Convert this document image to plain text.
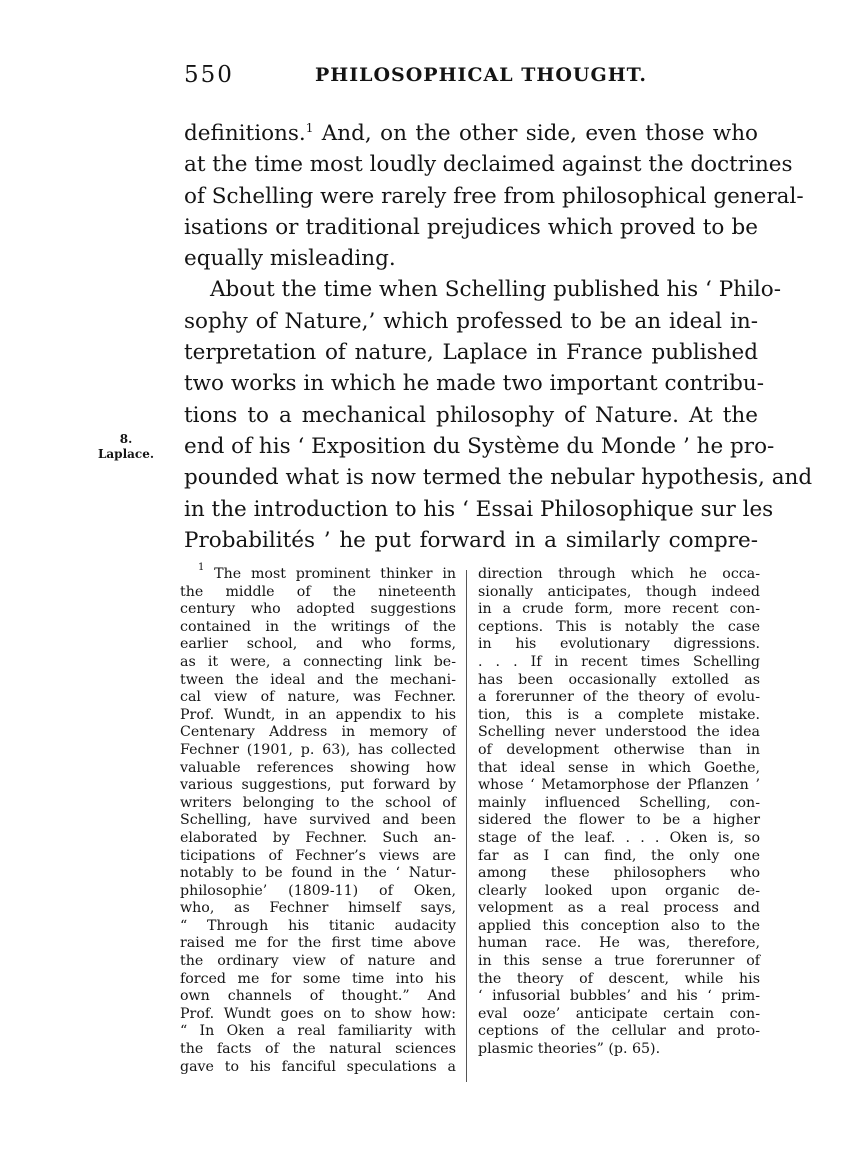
550	PHILOSOPHICAL THOUGHT.

definitions.$^1$ And, on the other side, even those who
at the time most loudly declaimed against the doctrines
of Schelling were rarely free from philosophical general-
isations or traditional prejudices which proved to be
equally misleading.

About the time when Schelling published his ‘ Philo-

sophy of Nature,’ which professed to be an ideal in-
terpretation of nature, Laplace in France published
two works in which he made two important contribu-
tions to a mechanical philosophy of Nature. At the
end of his ‘ Exposition du Système du Monde ’ he pro-
pounded what is now termed the nebular hypothesis, and
in the introduction to his ‘ Essai Philosophique sur les
Probabilités ’ he put forward in a similarly compre-

8.
Laplace.
$^1$ The most prominent thinker in
the middle of the nineteenth
century who adopted suggestions
contained in the writings of the
earlier school, and who forms,
as it were, a connecting link be-
tween the ideal and the mechani-
cal view of nature, was Fechner.
Prof. Wundt, in an appendix to his
Centenary Address in memory of
Fechner (1901, p. 63), has collected
valuable references showing how
various suggestions, put forward by
writers belonging to the school of
Schelling, have survived and been
elaborated by Fechner. Such an-
ticipations of Fechner’s views are
notably to be found in the ‘ Natur-
philosophie’ (1809-11) of Oken,
who, as Fechner himself says,
“ Through his titanic audacity
raised me for the first time above
the ordinary view of nature and
forced me for some time into his
own channels of thought.” And
Prof. Wundt goes on to show how:
“ In Oken a real familiarity with
the facts of the natural sciences
gave to his fanciful speculations a
direction through which he occa-
sionally anticipates, though indeed
in a crude form, more recent con-
ceptions. This is notably the case
in his evolutionary digressions.
. . . If in recent times Schelling
has been occasionally extolled as
a forerunner of the theory of evolu-
tion, this is a complete mistake.
Schelling never understood the idea
of development otherwise than in
that ideal sense in which Goethe,
whose ‘ Metamorphose der Pflanzen ’
mainly influenced Schelling, con-
sidered the flower to be a higher
stage of the leaf. . . . Oken is, so
far as I can find, the only one
among these philosophers who
clearly looked upon organic de-
velopment as a real process and
applied this conception also to the
human race. He was, therefore,
in this sense a true forerunner of
the theory of descent, while his
‘ infusorial bubbles’ and his ‘ prim-
eval ooze’ anticipate certain con-
ceptions of the cellular and proto-
plasmic theories” (p. 65).
